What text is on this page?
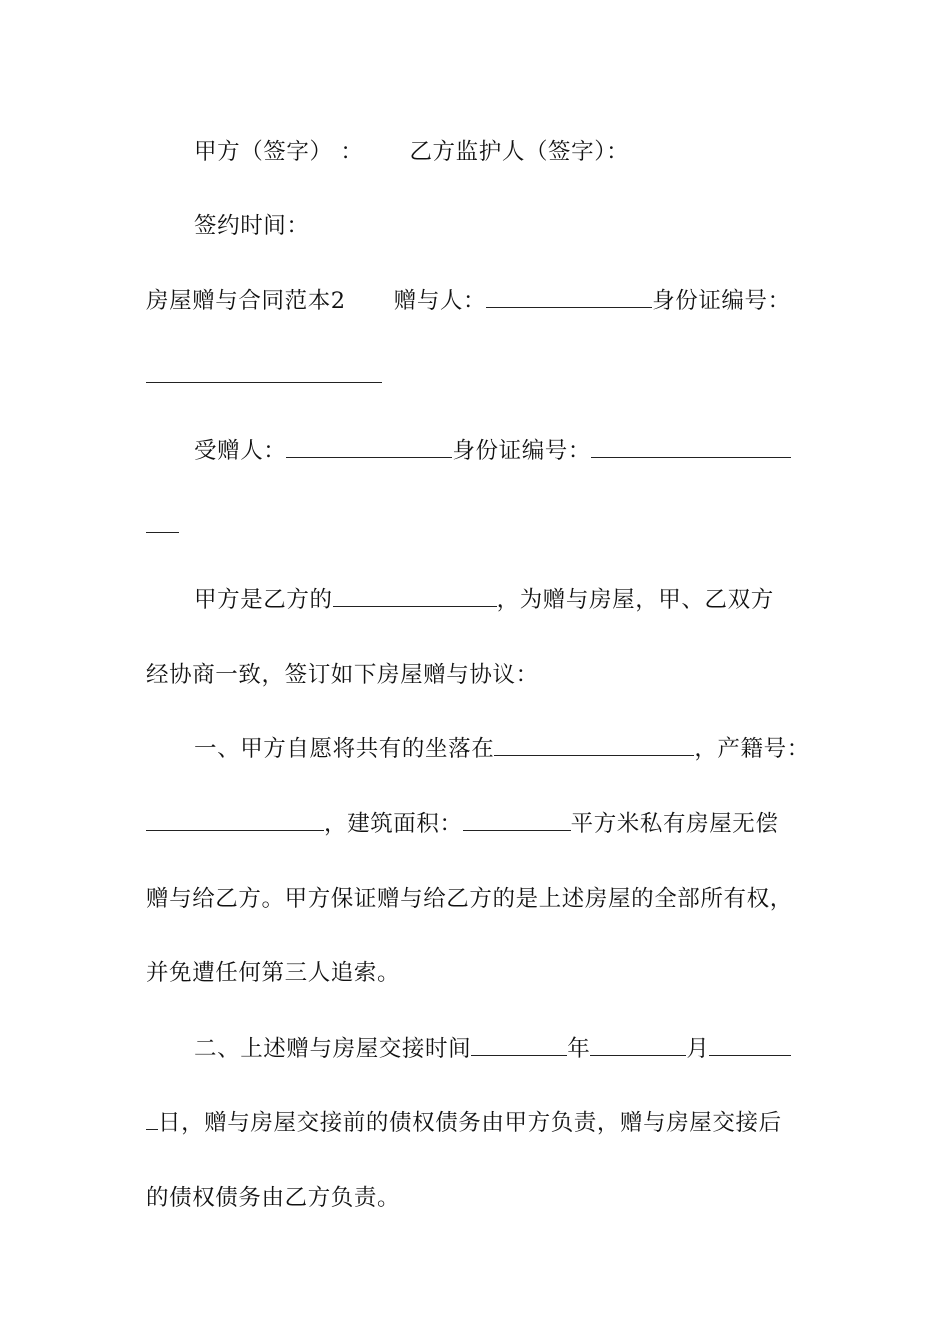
甲方（签字） ： 乙方监护人（签字）：
签约时间：
房屋赠与合同范本2 赠与人：	身份证编号：
受赠人：	身份证编号：
甲方是乙方的	，为赠与房屋，甲、乙双方
经协商一致，签订如下房屋赠与协议：
一、甲方自愿将共有的坐落在	，产籍号：
，建筑面积：	平方米私有房屋无偿
赠与给乙方。甲方保证赠与给乙方的是上述房屋的全部所有权，
并免遭任何第三人追索。
二、上述赠与房屋交接时间	年	月
日，赠与房屋交接前的债权债务由甲方负责，赠与房屋交接后
的债权债务由乙方负责。
